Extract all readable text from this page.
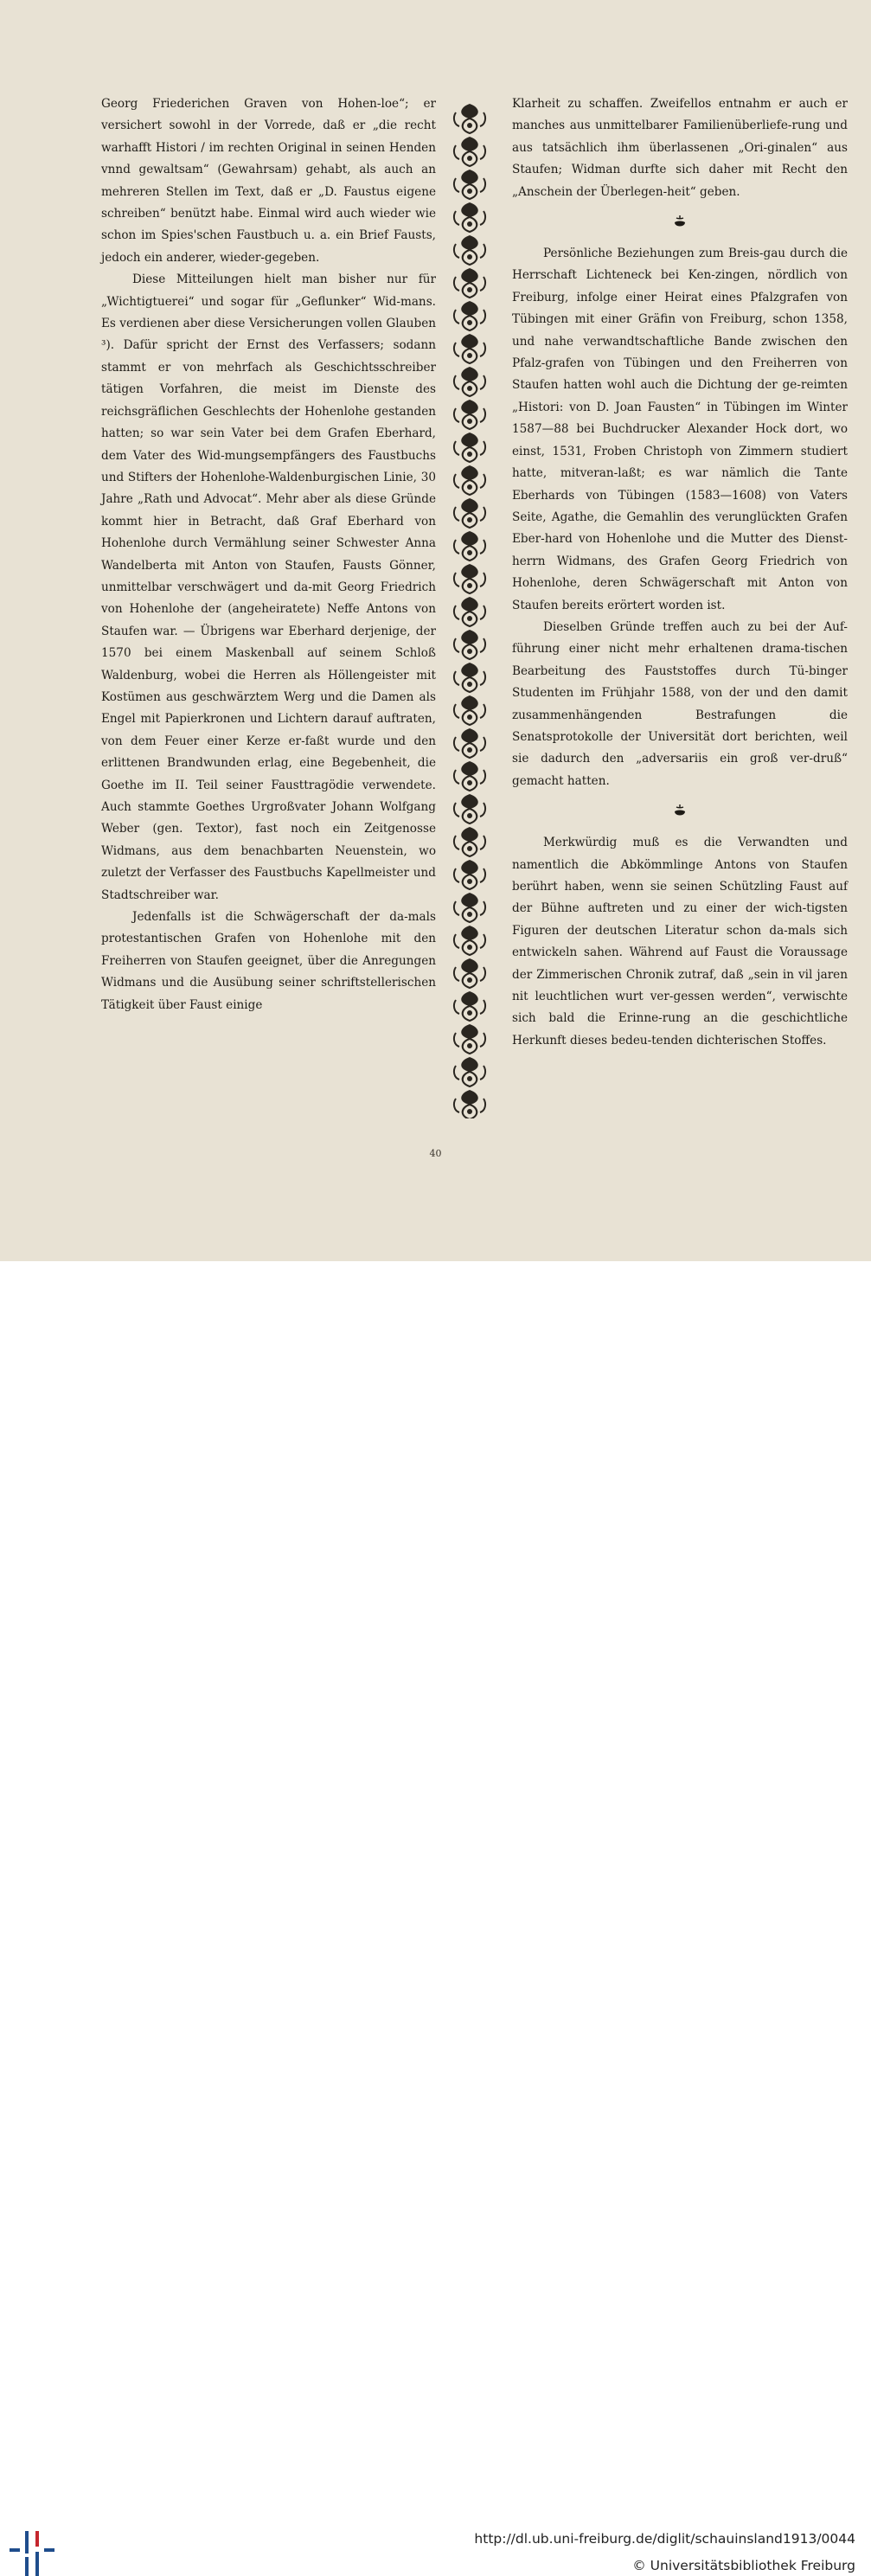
Georg Friederichen Graven von Hohen-loe“; er versichert sowohl in der Vorrede, daß er „die recht warhafft Histori / im rechten Original in seinen Henden vnnd gewaltsam“ (Gewahrsam) gehabt, als auch an mehreren Stellen im Text, daß er „D. Faustus eigene schreiben“ benützt habe. Einmal wird auch wieder wie schon im Spies'schen Faustbuch u. a. ein Brief Fausts, jedoch ein anderer, wieder-gegeben.

Diese Mitteilungen hielt man bisher nur für „Wichtigtuerei“ und sogar für „Geflunker“ Wid-mans. Es verdienen aber diese Versicherungen vollen Glauben ³). Dafür spricht der Ernst des Verfassers; sodann stammt er von mehrfach als Geschichtsschreiber tätigen Vorfahren, die meist im Dienste des reichsgräflichen Geschlechts der Hohenlohe gestanden hatten; so war sein Vater bei dem Grafen Eberhard, dem Vater des Wid-mungsempfängers des Faustbuchs und Stifters der Hohenlohe-Waldenburgischen Linie, 30 Jahre „Rath und Advocat“. Mehr aber als diese Gründe kommt hier in Betracht, daß Graf Eberhard von Hohenlohe durch Vermählung seiner Schwester Anna Wandelberta mit Anton von Staufen, Fausts Gönner, unmittelbar verschwägert und da-mit Georg Friedrich von Hohenlohe der (angeheiratete) Neffe Antons von Staufen war. — Übrigens war Eberhard derjenige, der 1570 bei einem Maskenball auf seinem Schloß Waldenburg, wobei die Herren als Höllengeister mit Kostümen aus geschwärztem Werg und die Damen als Engel mit Papierkronen und Lichtern darauf auftraten, von dem Feuer einer Kerze er-faßt wurde und den erlittenen Brandwunden erlag, eine Begebenheit, die Goethe im II. Teil seiner Fausttragödie verwendete. Auch stammte Goethes Urgroßvater Johann Wolfgang Weber (gen. Textor), fast noch ein Zeitgenosse Widmans, aus dem benachbarten Neuenstein, wo zuletzt der Verfasser des Faustbuchs Kapellmeister und Stadtschreiber war.

Jedenfalls ist die Schwägerschaft der da-mals protestantischen Grafen von Hohenlohe mit den Freiherren von Staufen geeignet, über die Anregungen Widmans und die Ausübung seiner schriftstellerischen Tätigkeit über Faust einige

Klarheit zu schaffen. Zweifellos entnahm er auch er manches aus unmittelbarer Familienüberliefe-rung und aus tatsächlich ihm überlassenen „Ori-ginalen“ aus Staufen; Widman durfte sich daher mit Recht den „Anschein der Überlegen-heit“ geben.

Persönliche Beziehungen zum Breis-gau durch die Herrschaft Lichteneck bei Ken-zingen, nördlich von Freiburg, infolge einer Heirat eines Pfalzgrafen von Tübingen mit einer Gräfin von Freiburg, schon 1358, und nahe verwandtschaftliche Bande zwischen den Pfalz-grafen von Tübingen und den Freiherren von Staufen hatten wohl auch die Dichtung der ge-reimten „Histori: von D. Joan Fausten“ in Tübingen im Winter 1587—88 bei Buchdrucker Alexander Hock dort, wo einst, 1531, Froben Christoph von Zimmern studiert hatte, mitveran-laßt; es war nämlich die Tante Eberhards von Tübingen (1583—1608) von Vaters Seite, Agathe, die Gemahlin des verunglückten Grafen Eber-hard von Hohenlohe und die Mutter des Dienst-herrn Widmans, des Grafen Georg Friedrich von Hohenlohe, deren Schwägerschaft mit Anton von Staufen bereits erörtert worden ist.

Dieselben Gründe treffen auch zu bei der Auf-führung einer nicht mehr erhaltenen drama-tischen Bearbeitung des Fauststoffes durch Tü-binger Studenten im Frühjahr 1588, von der und den damit zusammenhängenden Bestrafungen die Senatsprotokolle der Universität dort berichten, weil sie dadurch den „adversariis ein groß ver-druß“ gemacht hatten.

Merkwürdig muß es die Verwandten und namentlich die Abkömmlinge Antons von Staufen berührt haben, wenn sie seinen Schützling Faust auf der Bühne auftreten und zu einer der wich-tigsten Figuren der deutschen Literatur schon da-mals sich entwickeln sahen. Während auf Faust die Voraussage der Zimmerischen Chronik zutraf, daß „sein in vil jaren nit leuchtlichen wurt ver-gessen werden“, verwischte sich bald die Erinne-rung an die geschichtliche Herkunft dieses bedeu-tenden dichterischen Stoffes.

40
http://dl.ub.uni-freiburg.de/diglit/schauinsland1913/0044
© Universitätsbibliothek Freiburg
